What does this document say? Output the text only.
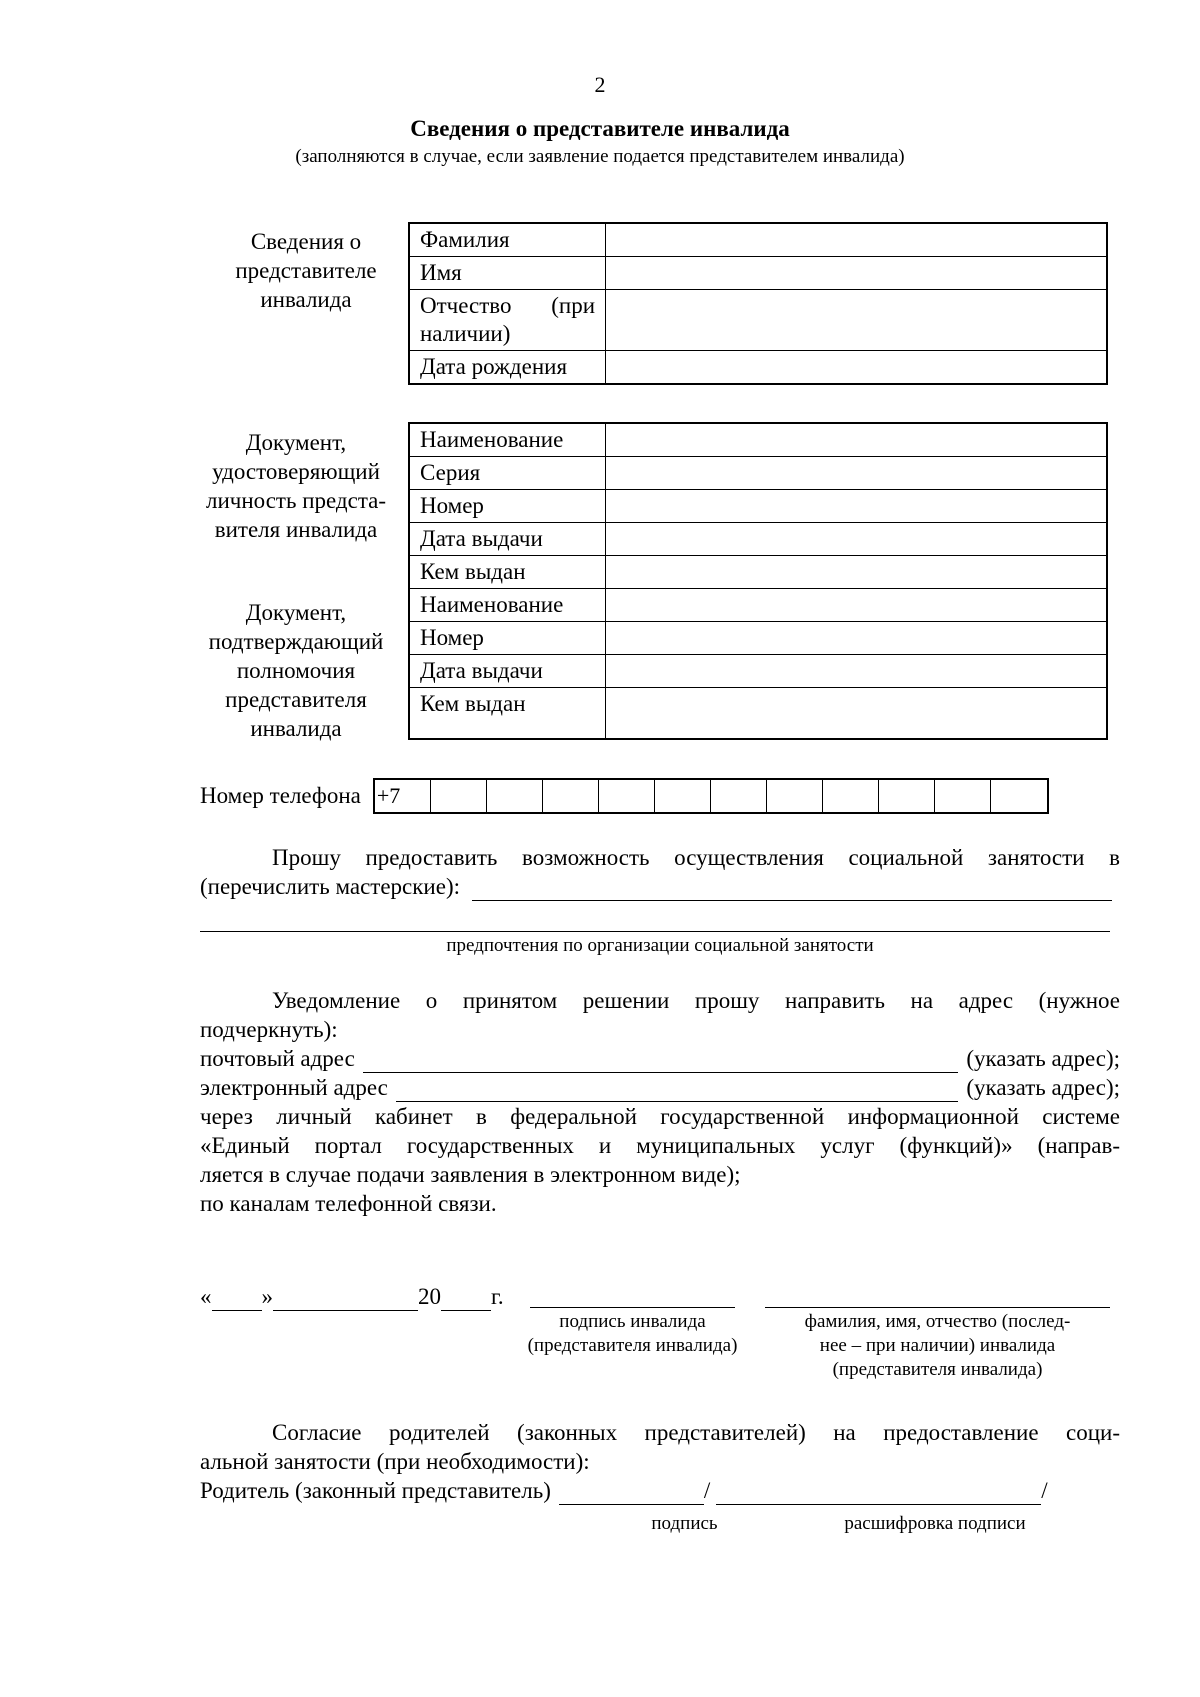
2
Сведения о представителе инвалида
(заполняются в случае, если заявление подается представителем инвалида)
Сведения о
представителе
инвалида
Фамилия	
Имя	
Отчество (при наличии)	
Дата рождения	
Документ,
удостоверяющий
личность предста-
вителя инвалида
Документ,
подтверждающий
полномочия
представителя
инвалида
Наименование	
Серия	
Номер	
Дата выдачи	
Кем выдан	
Наименование	
Номер	
Дата выдачи	
Кем выдан	
Номер телефона +7
Прошу предоставить возможность осуществления социальной занятости в
(перечислить мастерские):
предпочтения по организации социальной занятости
Уведомление о принятом решении прошу направить на адрес (нужное
подчеркнуть):
почтовый адрес	(указать адрес);
электронный адрес	(указать адрес);
через личный кабинет в федеральной государственной информационной системе
«Единый портал государственных и муниципальных услуг (функций)» (направ-
ляется в случае подачи заявления в электронном виде);
по каналам телефонной связи.
« »	20 г.
подпись инвалида
(представителя инвалида)
фамилия, имя, отчество (послед-
нее – при наличии) инвалида
(представителя инвалида)
Согласие родителей (законных представителей) на предоставление соци-
альной занятости (при необходимости):
Родитель (законный представитель)	/	/
подпись	расшифровка подписи
